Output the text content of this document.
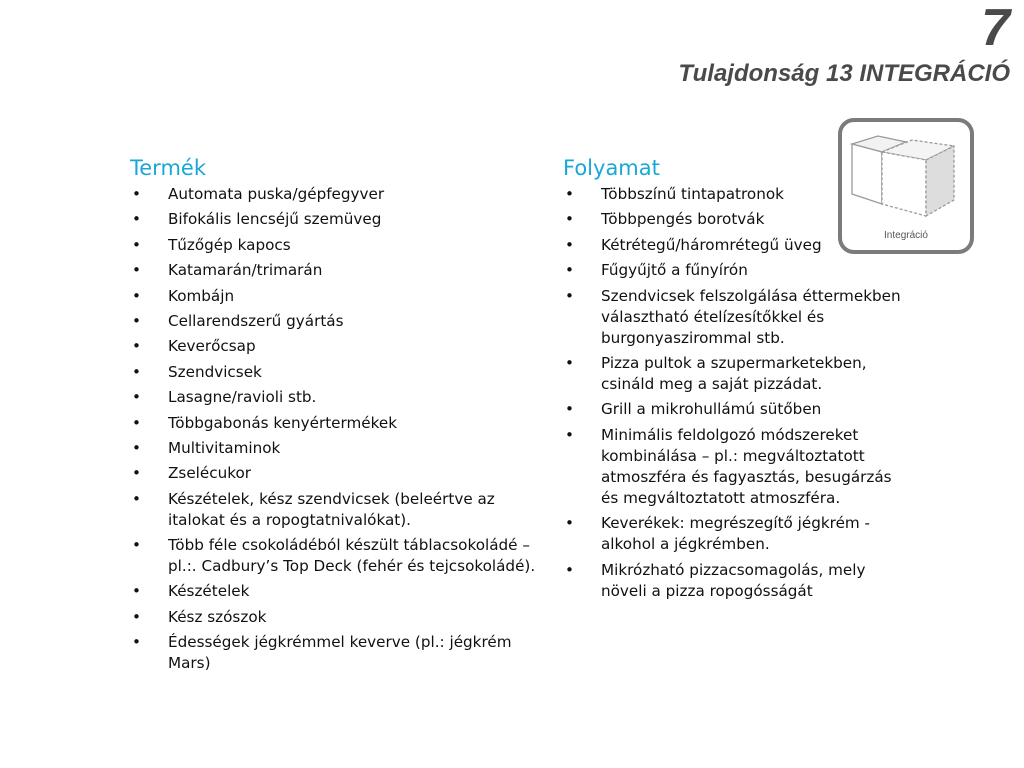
7
Tulajdonság 13 INTEGRÁCIÓ
Termék
• Automata puska/gépfegyver
• Bifokális lencséjű szemüveg
• Tűzőgép kapocs
• Katamarán/trimarán
• Kombájn
• Cellarendszerű gyártás
• Keverőcsap
• Szendvicsek
• Lasagne/ravioli stb.
• Többgabonás kenyértermékek
• Multivitaminok
• Zselécukor
• Készételek, kész szendvicsek (beleértve az italokat és a ropogtatnivalókat).
• Több féle csokoládéból készült táblacsokoládé – pl.:. Cadbury’s Top Deck (fehér és tejcsokoládé).
• Készételek
• Kész szószok
• Édességek jégkrémmel keverve (pl.: jégkrém Mars)
Folyamat
• Többszínű tintapatronok
• Többpengés borotvák
• Kétrétegű/háromrétegű üveg
• Fűgyűjtő a fűnyírón
• Szendvicsek felszolgálása éttermekben választható ételízesítőkkel és burgonyaszirommal stb.
• Pizza pultok a szupermarketekben, csináld meg a saját pizzádat.
• Grill a mikrohullámú sütőben
• Minimális feldolgozó módszereket kombinálása – pl.: megváltoztatott atmoszféra és fagyasztás, besugárzás és megváltoztatott atmoszféra.
• Keverékek: megrészegítő jégkrém - alkohol a jégkrémben.
• Mikrózható pizzacsomagolás, mely növeli a pizza ropogósságát
Integráció
